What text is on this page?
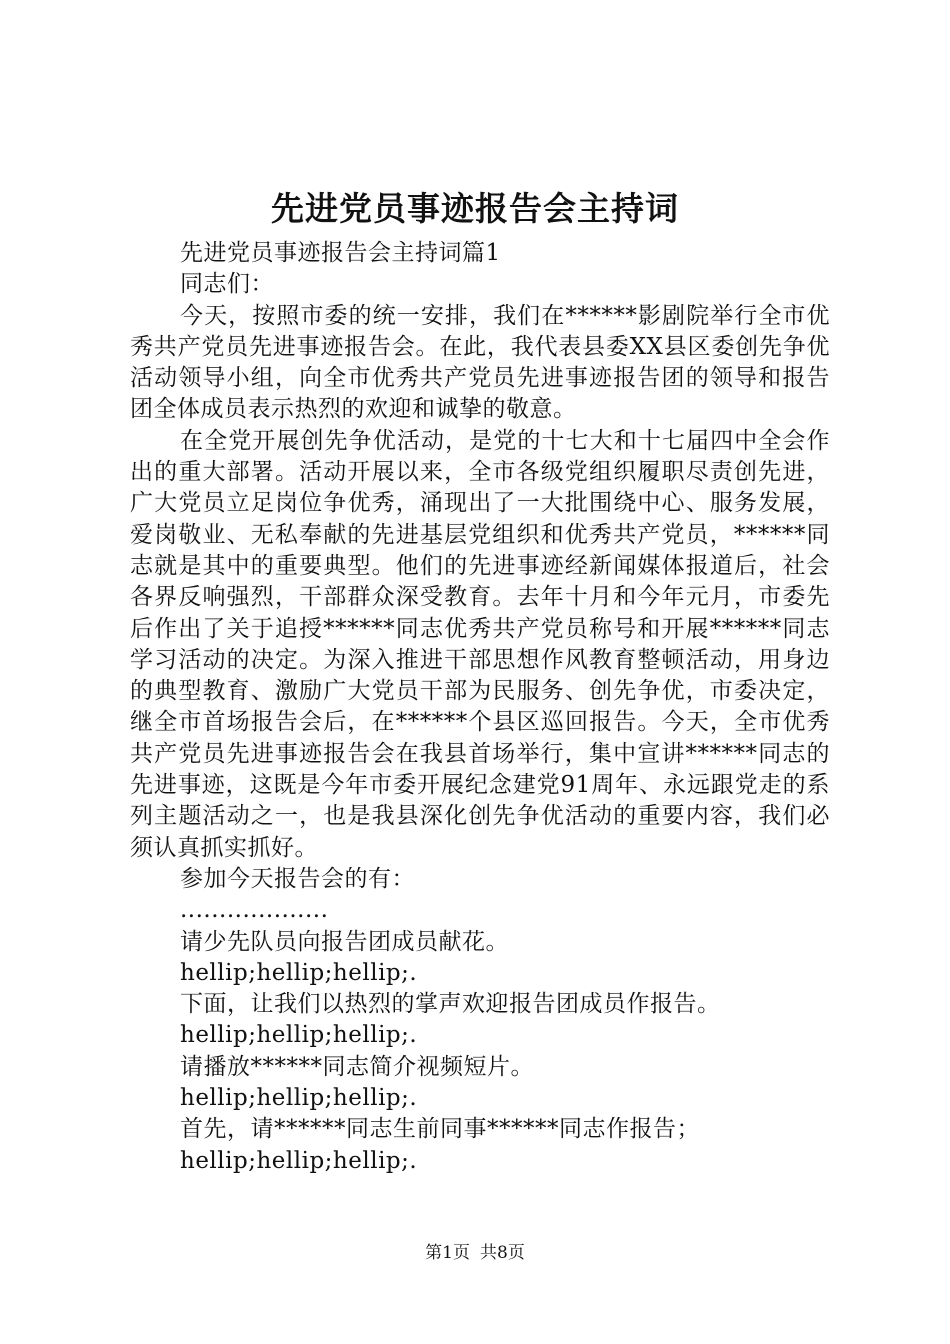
先进党员事迹报告会主持词
先进党员事迹报告会主持词篇1
同志们：
今天，按照市委的统一安排，我们在******影剧院举行全市优秀共产党员先进事迹报告会。在此，我代表县委XX县区委创先争优活动领导小组，向全市优秀共产党员先进事迹报告团的领导和报告团全体成员表示热烈的欢迎和诚挚的敬意。
在全党开展创先争优活动，是党的十七大和十七届四中全会作出的重大部署。活动开展以来，全市各级党组织履职尽责创先进，广大党员立足岗位争优秀，涌现出了一大批围绕中心、服务发展，爱岗敬业、无私奉献的先进基层党组织和优秀共产党员，******同志就是其中的重要典型。他们的先进事迹经新闻媒体报道后，社会各界反响强烈，干部群众深受教育。去年十月和今年元月，市委先后作出了关于追授******同志优秀共产党员称号和开展******同志学习活动的决定。为深入推进干部思想作风教育整顿活动，用身边的典型教育、激励广大党员干部为民服务、创先争优，市委决定，继全市首场报告会后，在******个县区巡回报告。今天，全市优秀共产党员先进事迹报告会在我县首场举行，集中宣讲******同志的先进事迹，这既是今年市委开展纪念建党91周年、永远跟党走的系列主题活动之一，也是我县深化创先争优活动的重要内容，我们必须认真抓实抓好。
参加今天报告会的有：
...................
请少先队员向报告团成员献花。
hellip;hellip;hellip;.
下面，让我们以热烈的掌声欢迎报告团成员作报告。
hellip;hellip;hellip;.
请播放******同志简介视频短片。
hellip;hellip;hellip;.
首先，请******同志生前同事******同志作报告；
hellip;hellip;hellip;.
第1页 共8页
